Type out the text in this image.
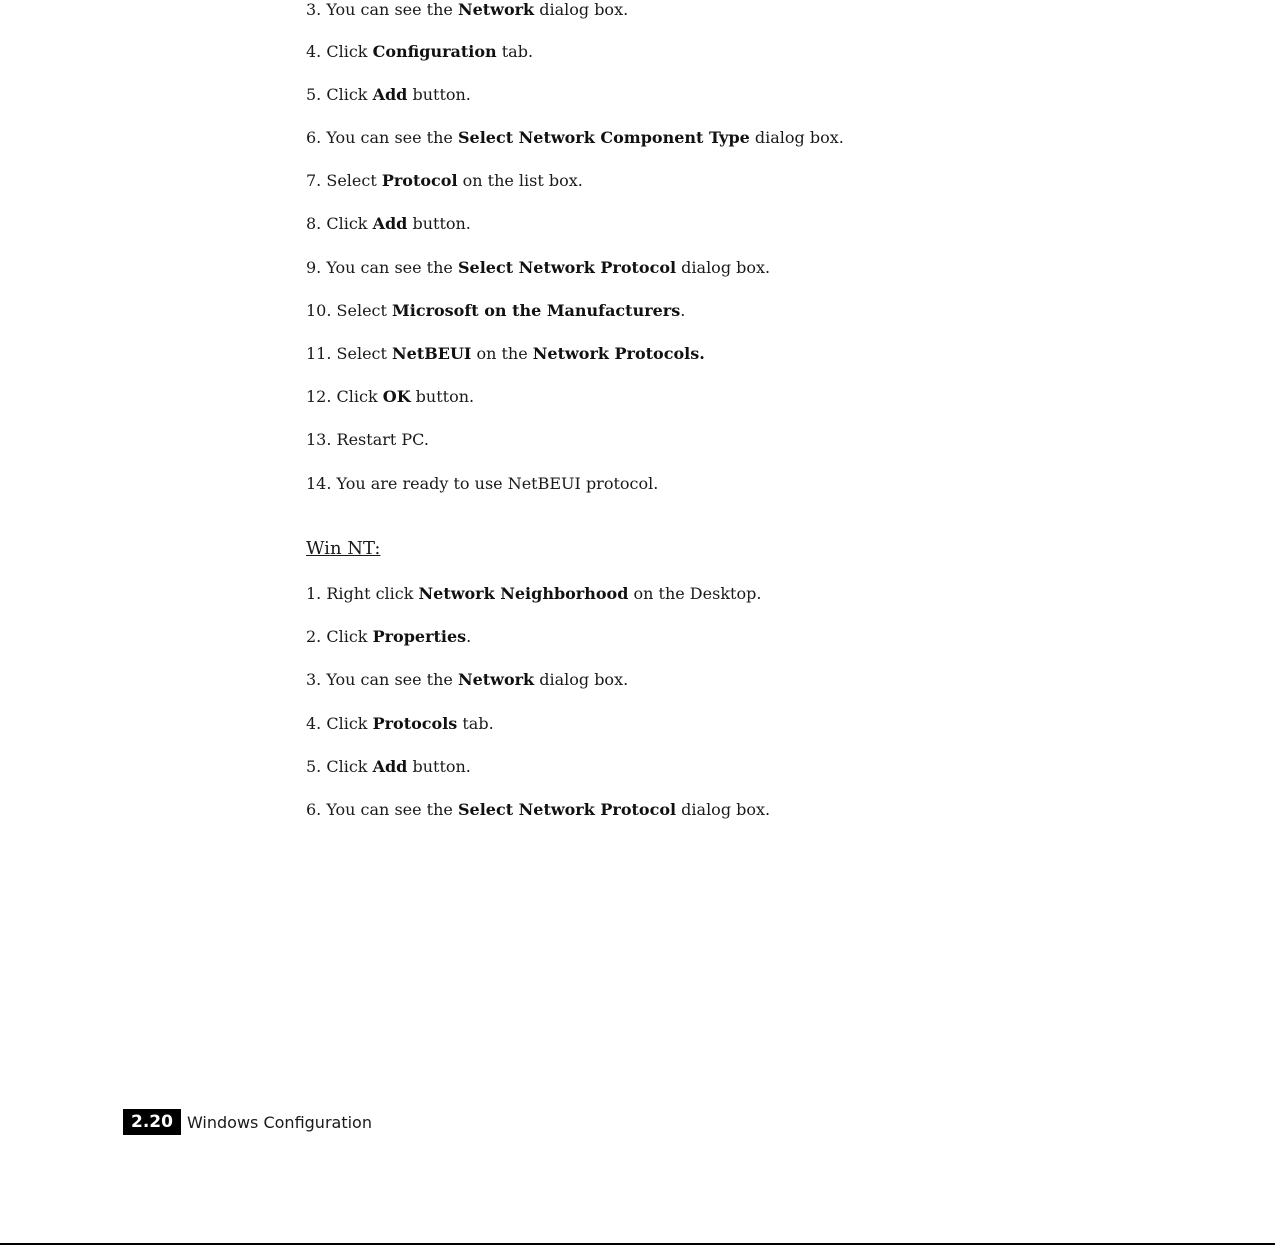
3. You can see the Network dialog box.
4. Click Configuration tab.
5. Click Add button.
6. You can see the Select Network Component Type dialog box.
7. Select Protocol on the list box.
8. Click Add button.
9. You can see the Select Network Protocol dialog box.
10. Select Microsoft on the Manufacturers.
11. Select NetBEUI on the Network Protocols.
12. Click OK button.
13. Restart PC.
14. You are ready to use NetBEUI protocol.
Win NT:
1. Right click Network Neighborhood on the Desktop.
2. Click Properties.
3. You can see the Network dialog box.
4. Click Protocols tab.
5. Click Add button.
6. You can see the Select Network Protocol dialog box.
2.20 Windows Configuration
